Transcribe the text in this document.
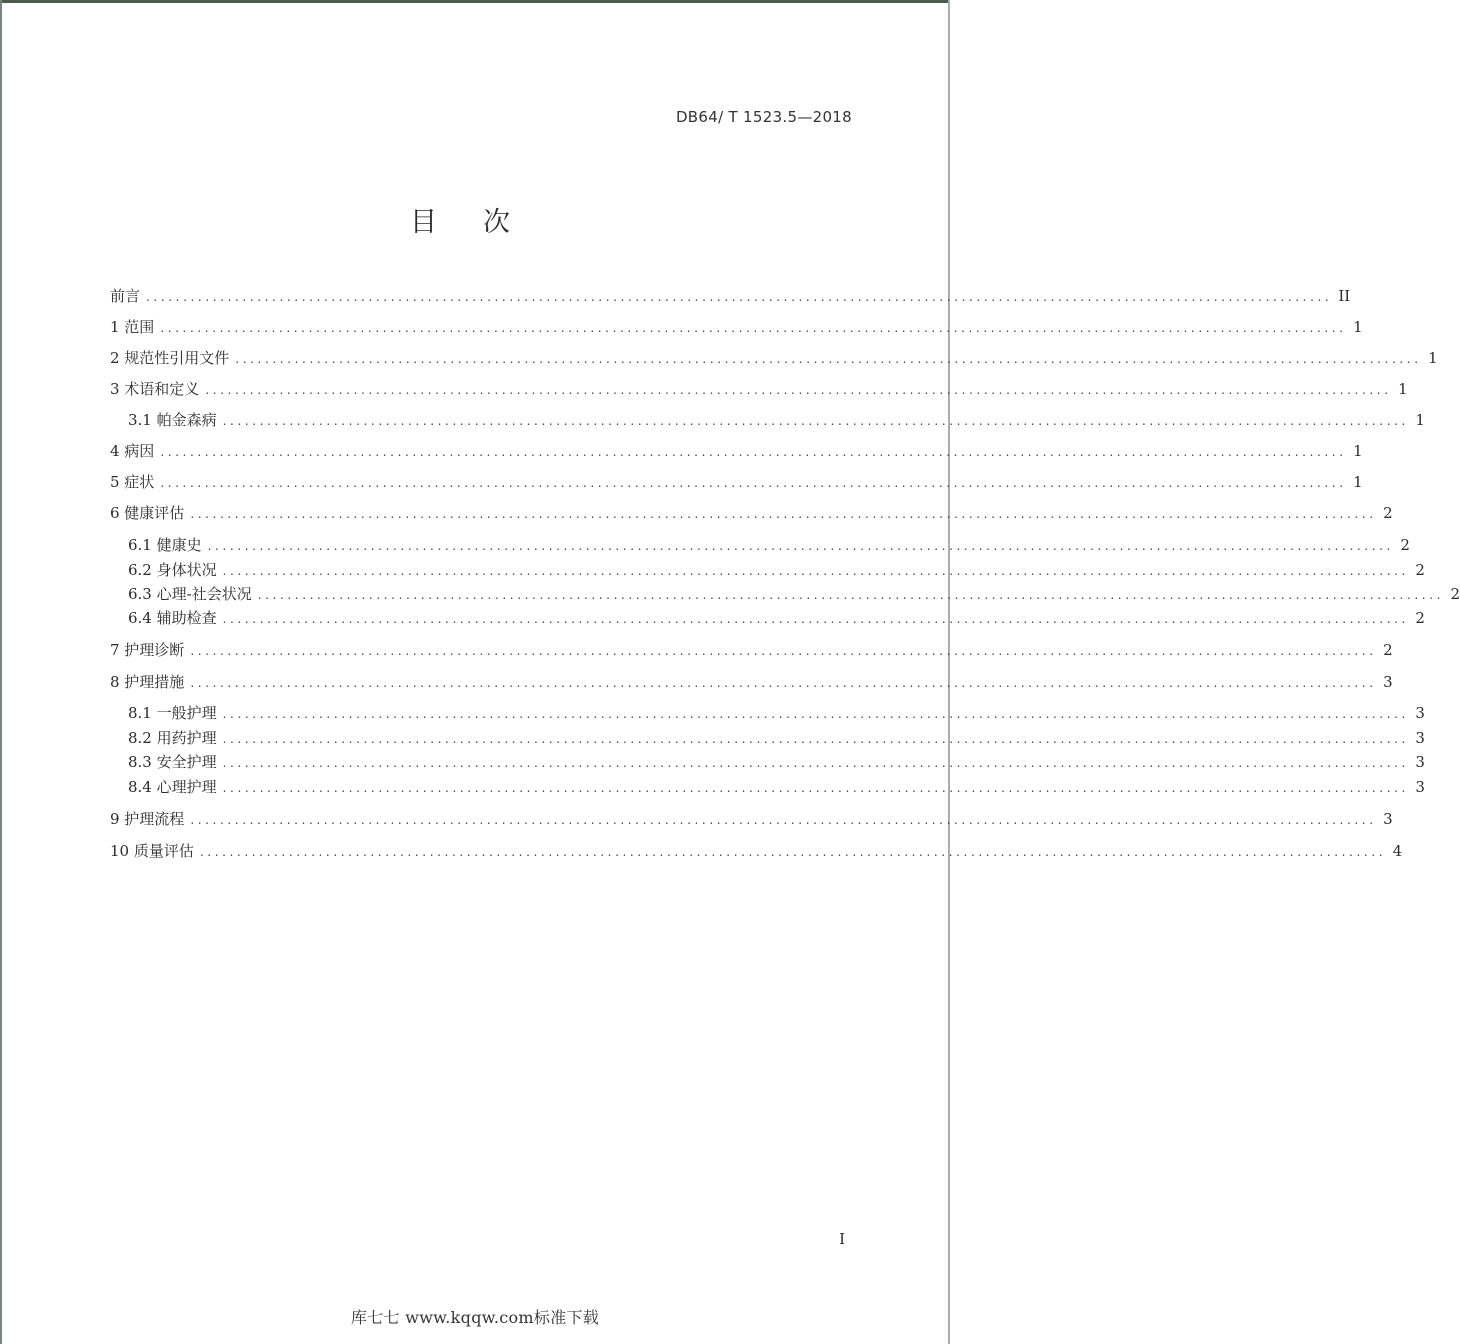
DB64/ T 1523.5—2018
目次
前言 ................................................................................................................................................................ II
1 范围 ................................................................................................................................................................ 1
2 规范性引用文件 ................................................................................................................................................................ 1
3 术语和定义 ................................................................................................................................................................ 1
3.1 帕金森病 ................................................................................................................................................................ 1
4 病因 ................................................................................................................................................................ 1
5 症状 ................................................................................................................................................................ 1
6 健康评估 ................................................................................................................................................................ 2
6.1 健康史 ................................................................................................................................................................ 2
6.2 身体状况 ................................................................................................................................................................ 2
6.3 心理-社会状况 ................................................................................................................................................................ 2
6.4 辅助检查 ................................................................................................................................................................ 2
7 护理诊断 ................................................................................................................................................................ 2
8 护理措施 ................................................................................................................................................................ 3
8.1 一般护理 ................................................................................................................................................................ 3
8.2 用药护理 ................................................................................................................................................................ 3
8.3 安全护理 ................................................................................................................................................................ 3
8.4 心理护理 ................................................................................................................................................................ 3
9 护理流程 ................................................................................................................................................................ 3
10 质量评估 ................................................................................................................................................................ 4
I
库七七 www.kqqw.com标准下载
